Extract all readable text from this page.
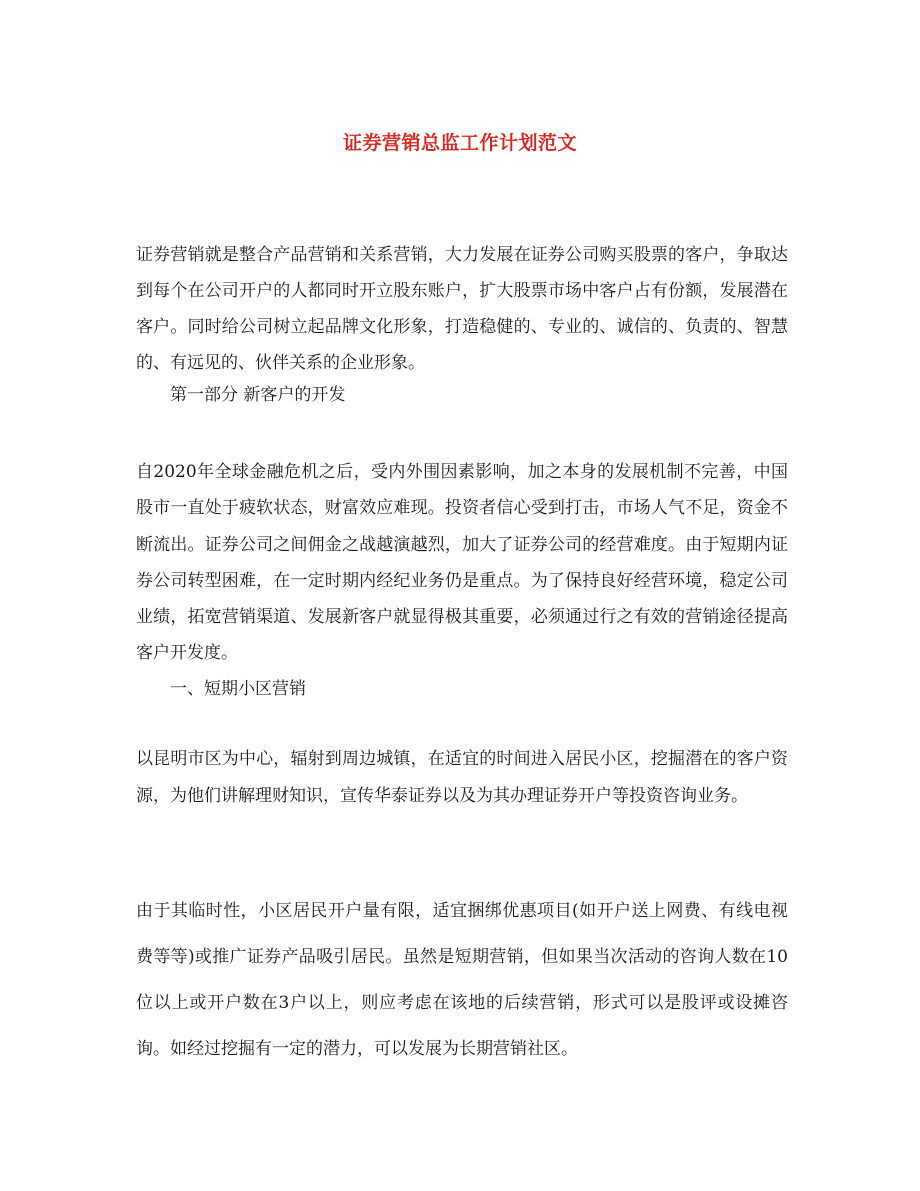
证券营销总监工作计划范文
证券营销就是整合产品营销和关系营销，大力发展在证券公司购买股票的客户，争取达到每个在公司开户的人都同时开立股东账户，扩大股票市场中客户占有份额，发展潜在客户。同时给公司树立起品牌文化形象，打造稳健的、专业的、诚信的、负责的、智慧的、有远见的、伙伴关系的企业形象。
第一部分 新客户的开发
自2020年全球金融危机之后，受内外围因素影响，加之本身的发展机制不完善，中国股市一直处于疲软状态，财富效应难现。投资者信心受到打击，市场人气不足，资金不断流出。证券公司之间佣金之战越演越烈，加大了证券公司的经营难度。由于短期内证券公司转型困难，在一定时期内经纪业务仍是重点。为了保持良好经营环境，稳定公司业绩，拓宽营销渠道、发展新客户就显得极其重要，必须通过行之有效的营销途径提高客户开发度。
一、短期小区营销
以昆明市区为中心，辐射到周边城镇，在适宜的时间进入居民小区，挖掘潜在的客户资源，为他们讲解理财知识，宣传华泰证券以及为其办理证券开户等投资咨询业务。
由于其临时性，小区居民开户量有限，适宜捆绑优惠项目(如开户送上网费、有线电视费等等)或推广证券产品吸引居民。虽然是短期营销，但如果当次活动的咨询人数在10位以上或开户数在3户以上，则应考虑在该地的后续营销，形式可以是股评或设摊咨询。如经过挖掘有一定的潜力，可以发展为长期营销社区。
